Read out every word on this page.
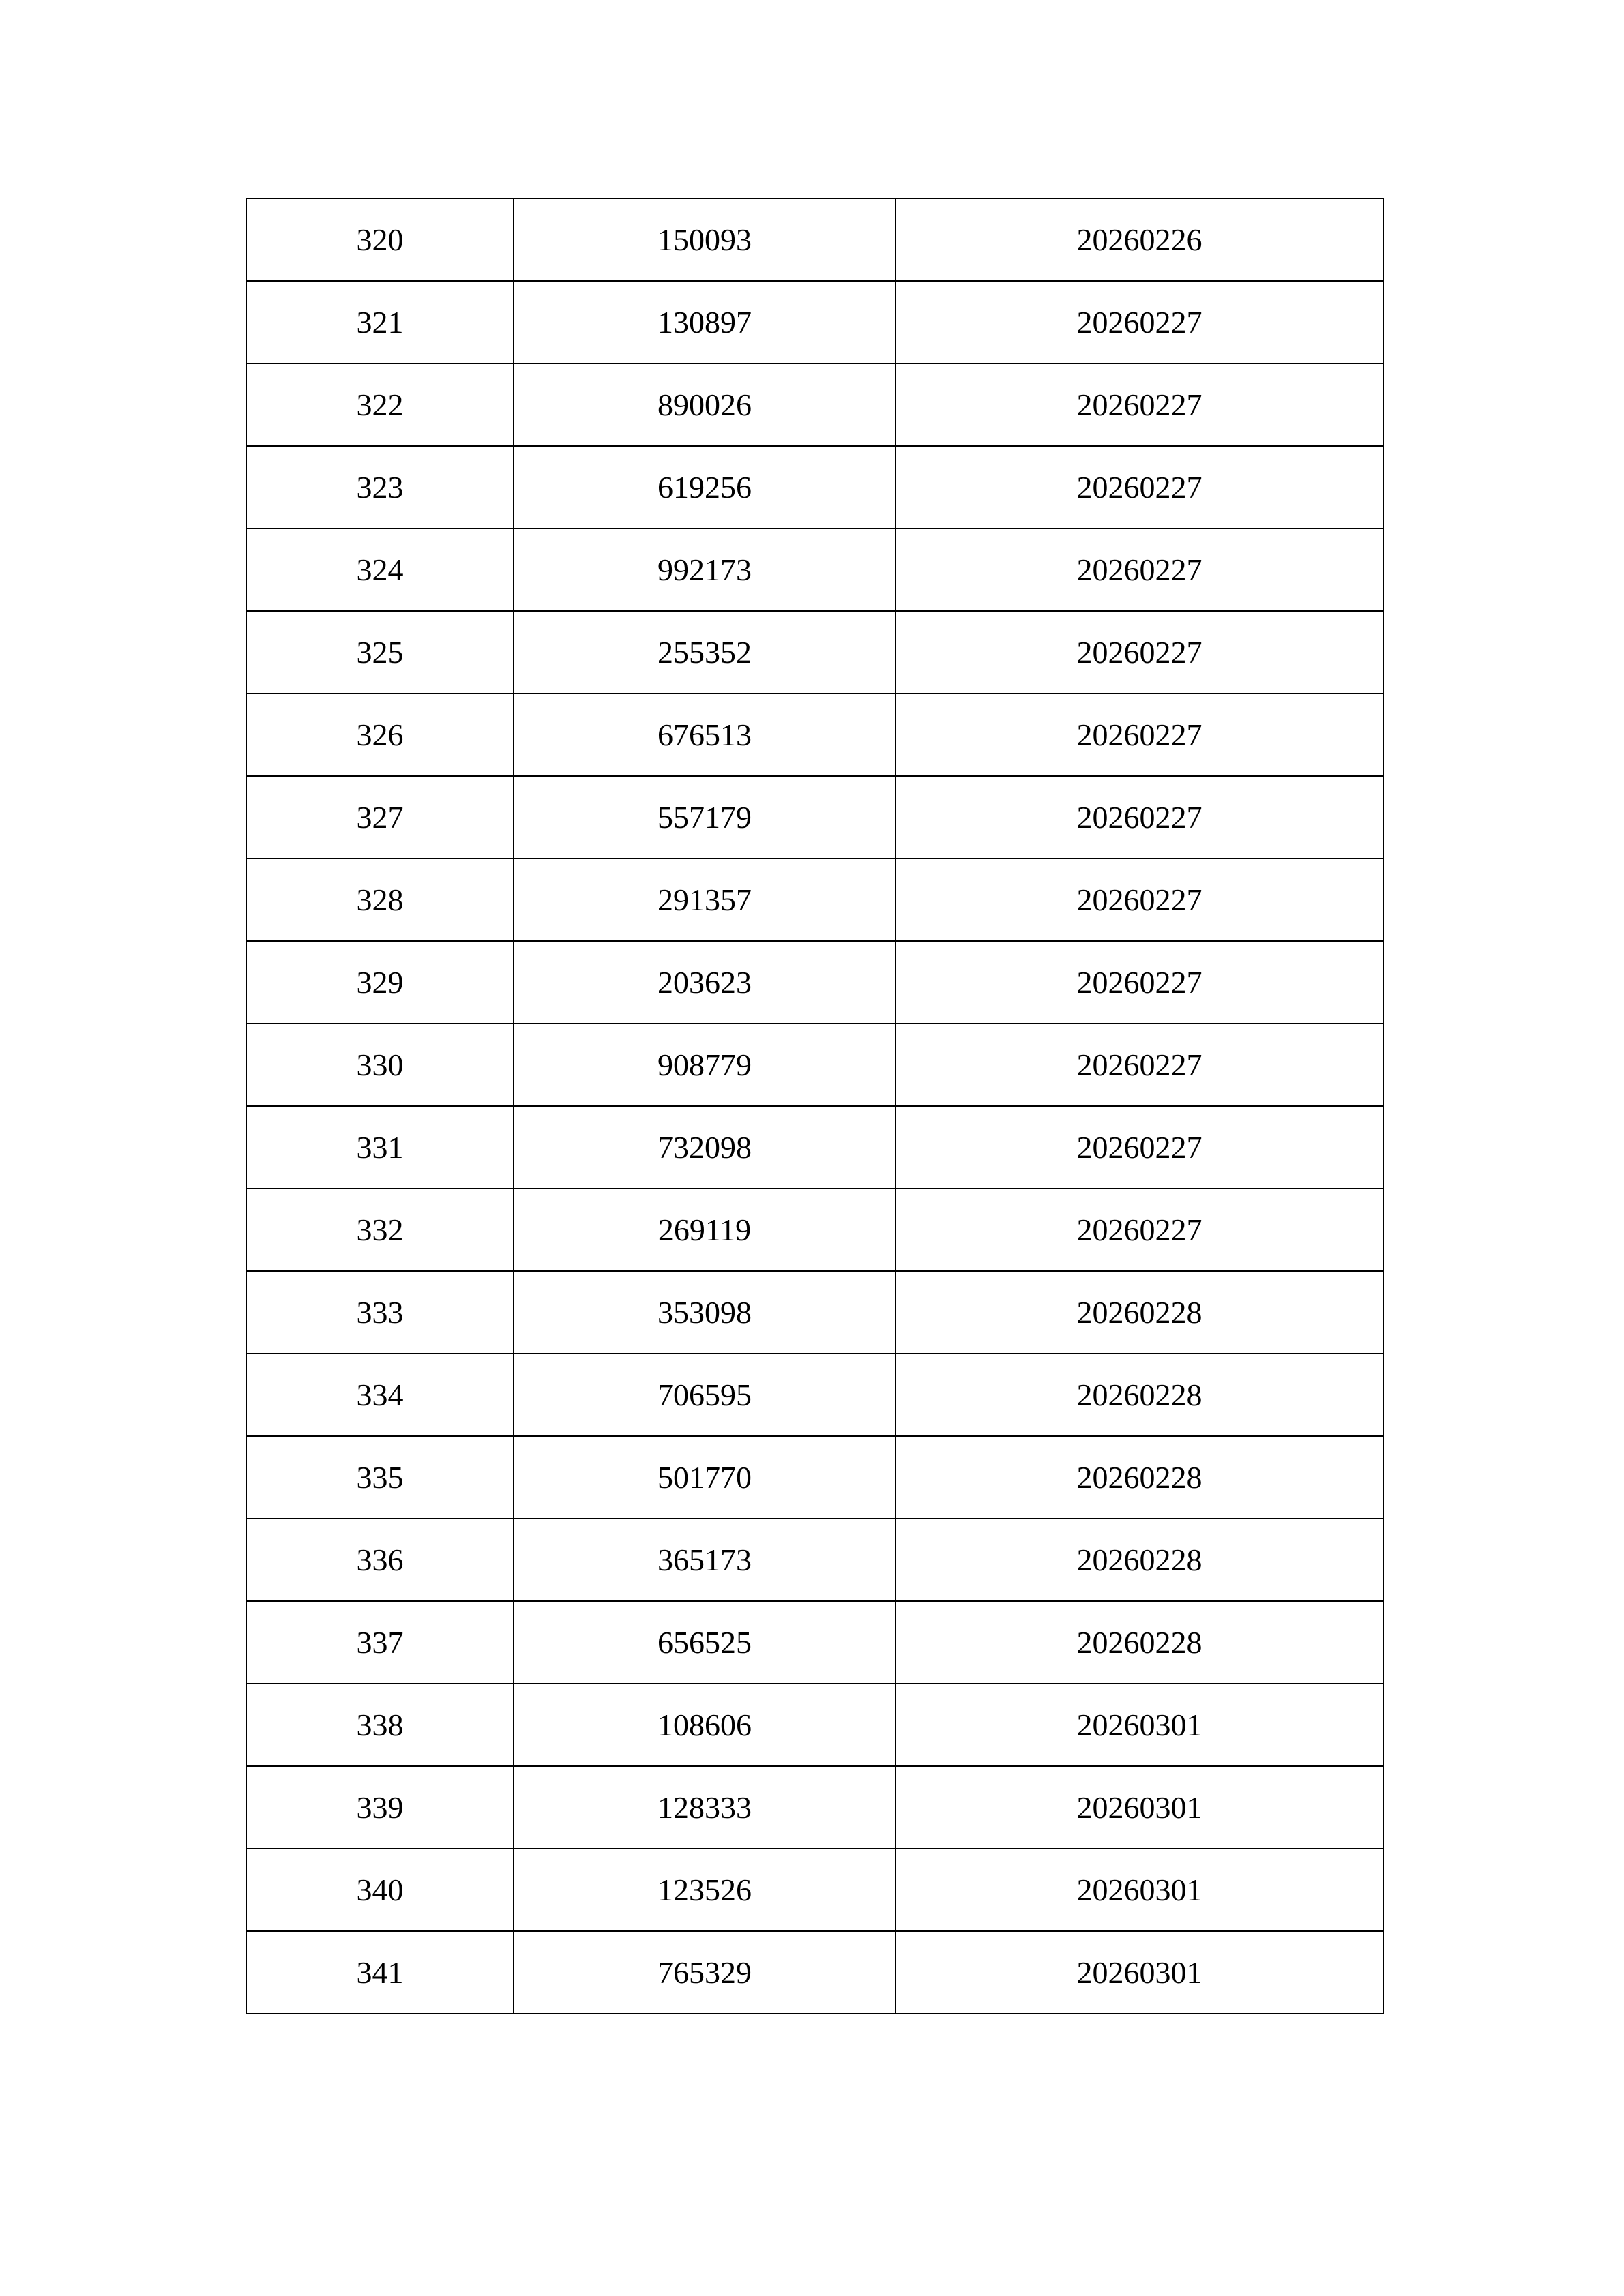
320	150093	20260226
321	130897	20260227
322	890026	20260227
323	619256	20260227
324	992173	20260227
325	255352	20260227
326	676513	20260227
327	557179	20260227
328	291357	20260227
329	203623	20260227
330	908779	20260227
331	732098	20260227
332	269119	20260227
333	353098	20260228
334	706595	20260228
335	501770	20260228
336	365173	20260228
337	656525	20260228
338	108606	20260301
339	128333	20260301
340	123526	20260301
341	765329	20260301
